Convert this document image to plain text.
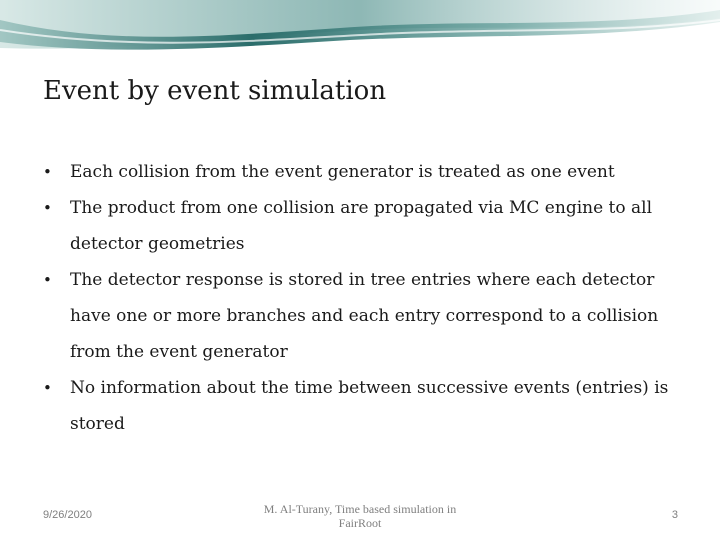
Event by event simulation
• Each collision from the event generator is treated as one event
• The product from one collision are propagated via MC engine to all detector geometries
• The detector response is stored in tree entries where each detector have one or more branches and each entry correspond to a collision from the event generator
• No information about the time between successive events (entries) is stored
9/26/2020	M. Al-Turany, Time based simulation in FairRoot
3
